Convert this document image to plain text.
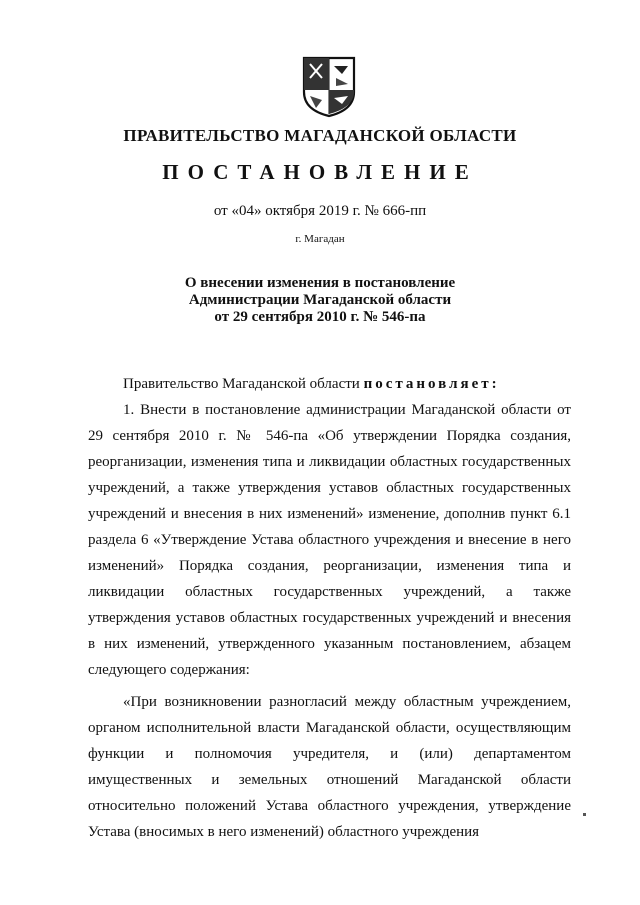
ПРАВИТЕЛЬСТВО МАГАДАНСКОЙ ОБЛАСТИ
ПОСТАНОВЛЕНИЕ
от «04» октября 2019 г. № 666-пп
г. Магадан
О внесении изменения в постановление
Администрации Магаданской области
от 29 сентября 2010 г. № 546-па

Правительство Магаданской области постановляет:

1. Внести в постановление администрации Магаданской области от 29 сентября 2010 г. № 546-па «Об утверждении Порядка создания, реорганизации, изменения типа и ликвидации областных государственных учреждений, а также утверждения уставов областных государственных учреждений и внесения в них изменений» изменение, дополнив пункт 6.1 раздела 6 «Утверждение Устава областного учреждения и внесение в него изменений» Порядка создания, реорганизации, изменения типа и ликвидации областных государственных учреждений, а также утверждения уставов областных государственных учреждений и внесения в них изменений, утвержденного указанным постановлением, абзацем следующего содержания:

«При возникновении разногласий между областным учреждением, органом исполнительной власти Магаданской области, осуществляющим функции и полномочия учредителя, и (или) департаментом имущественных и земельных отношений Магаданской области относительно положений Устава областного учреждения, утверждение Устава (вносимых в него изменений) областного учреждения
